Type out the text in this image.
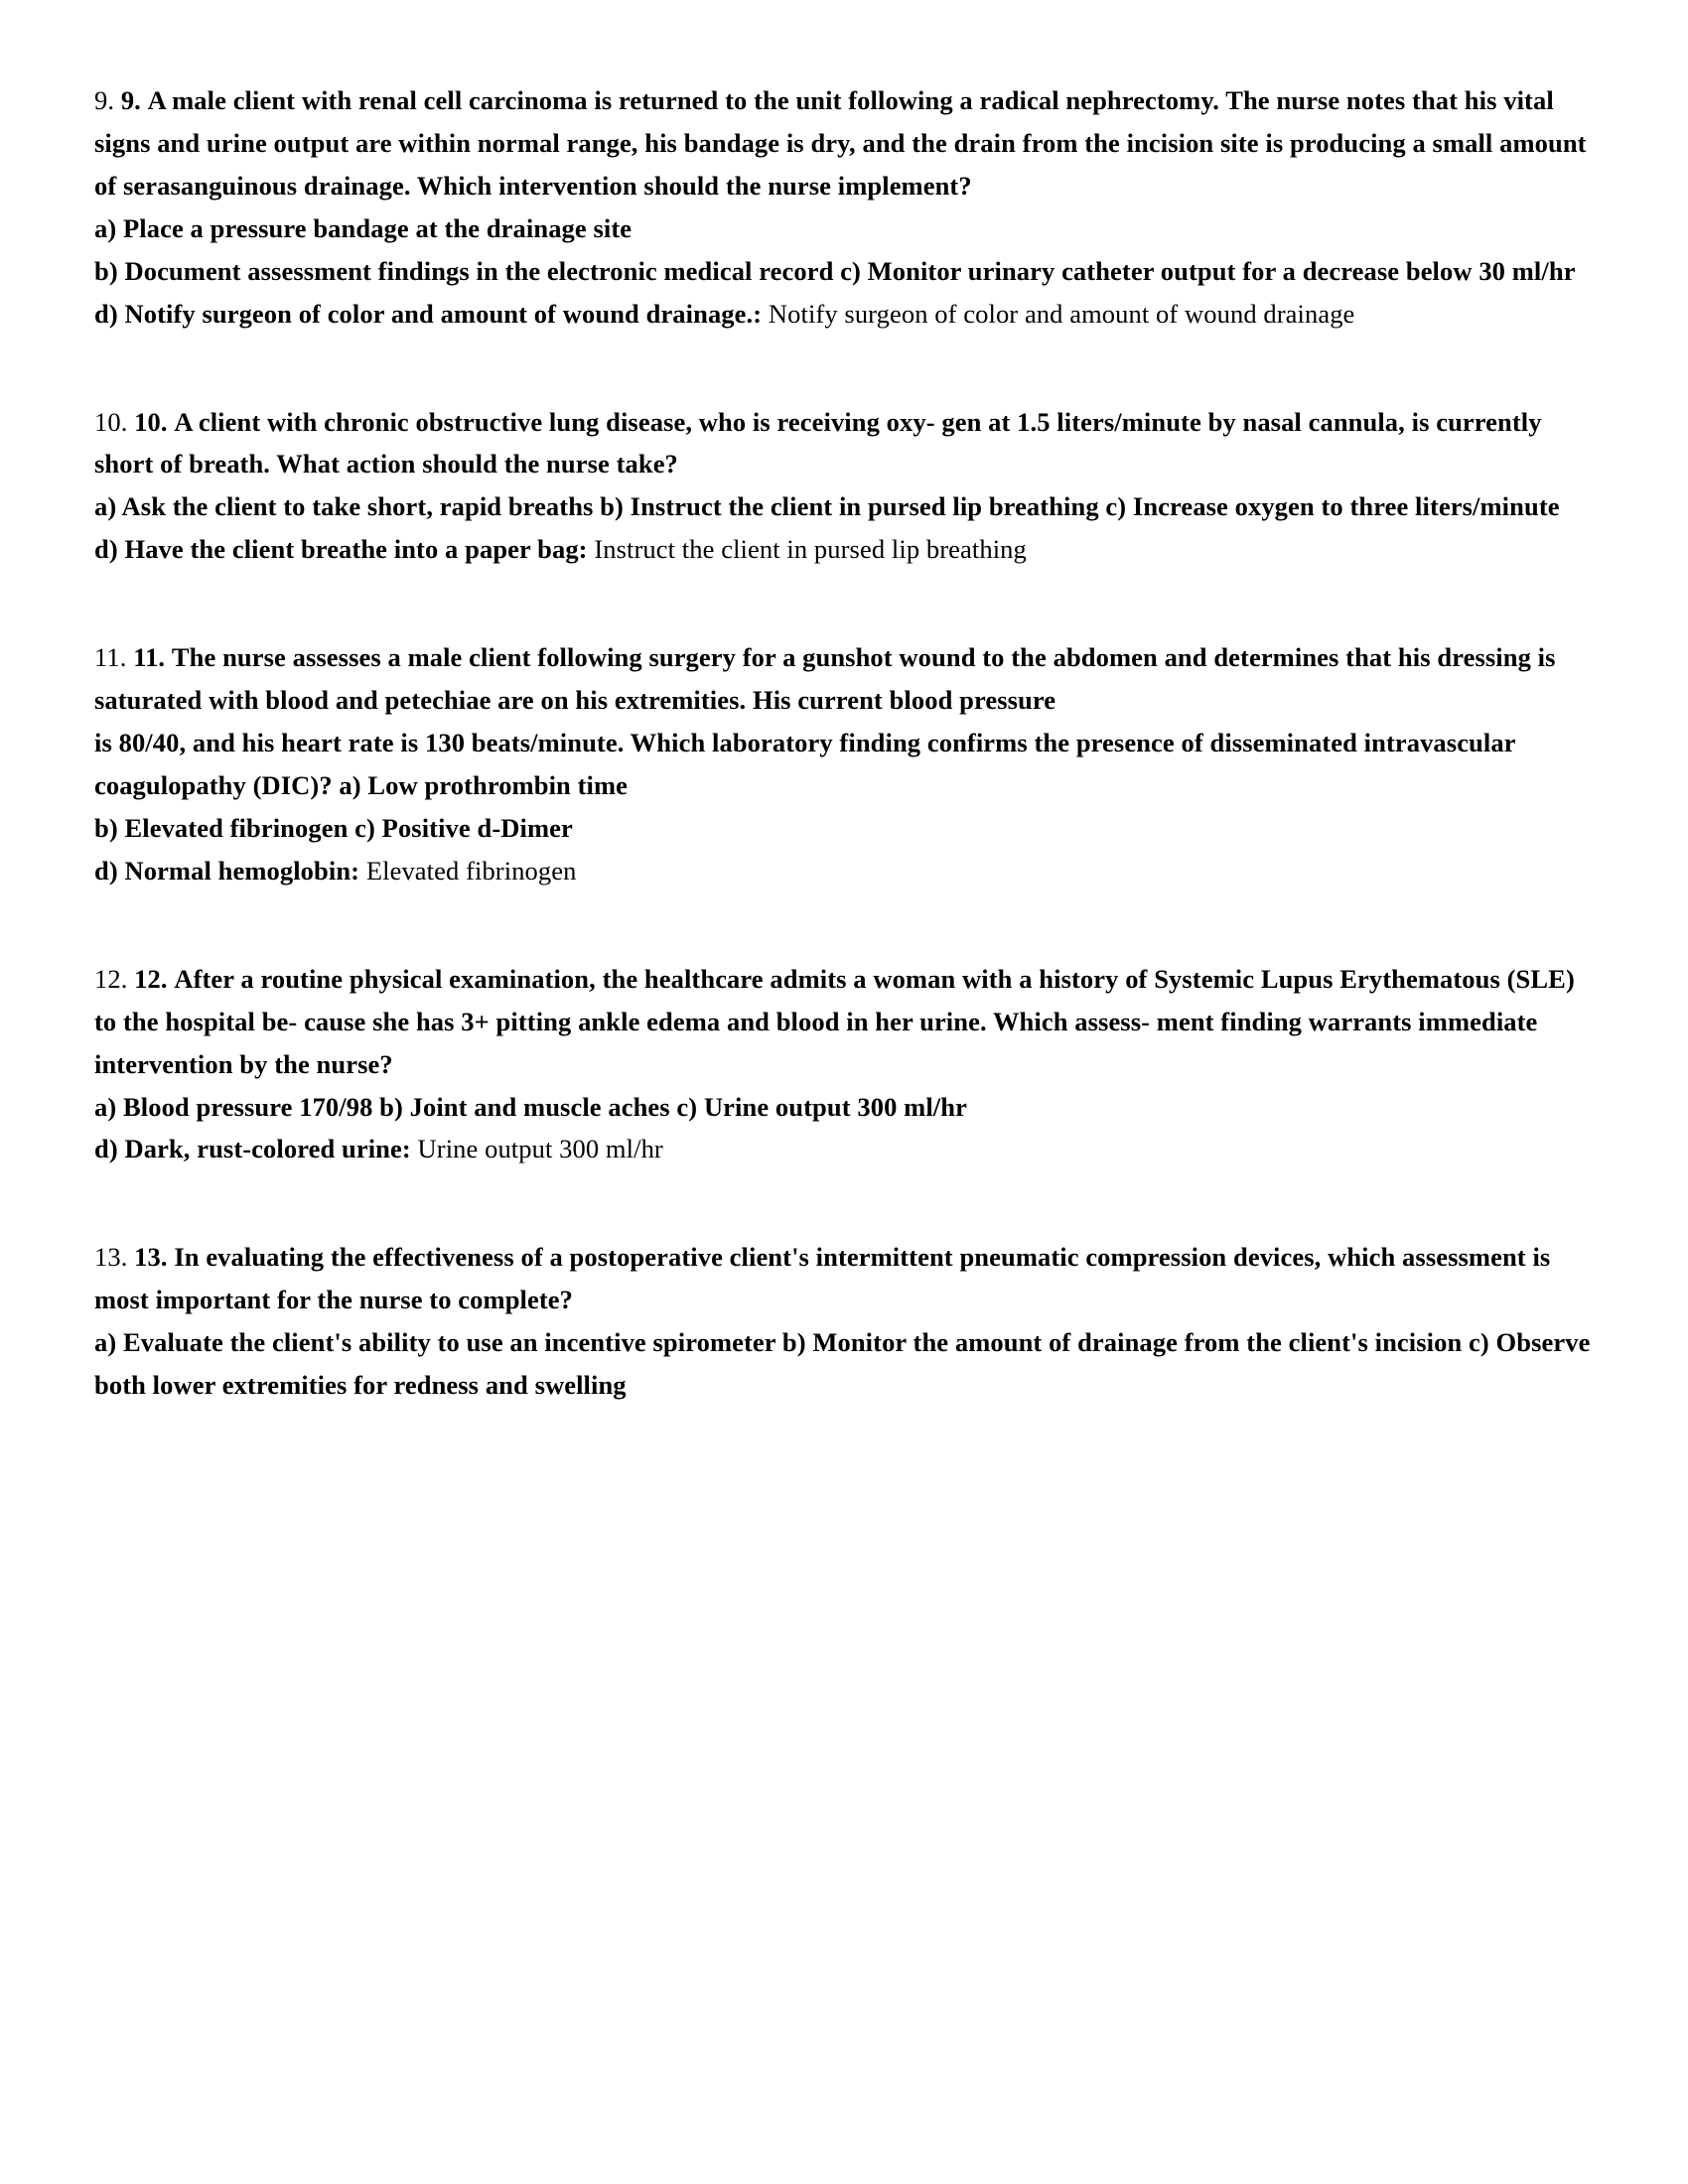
9. 9. A male client with renal cell carcinoma is returned to the unit following a radical nephrectomy. The nurse notes that his vital signs and urine output are within normal range, his bandage is dry, and the drain from the incision site is producing a small amount of serasanguinous drainage. Which intervention should the nurse implement?
a) Place a pressure bandage at the drainage site
b) Document assessment findings in the electronic medical record c) Monitor urinary catheter output for a decrease below 30 ml/hr
d) Notify surgeon of color and amount of wound drainage.: Notify surgeon of color and amount of wound drainage
10. 10. A client with chronic obstructive lung disease, who is receiving oxy- gen at 1.5 liters/minute by nasal cannula, is currently short of breath. What action should the nurse take?
a) Ask the client to take short, rapid breaths b) Instruct the client in pursed lip breathing c) Increase oxygen to three liters/minute
d) Have the client breathe into a paper bag: Instruct the client in pursed lip breathing
11. 11. The nurse assesses a male client following surgery for a gunshot wound to the abdomen and determines that his dressing is saturated with blood and petechiae are on his extremities. His current blood pressure
is 80/40, and his heart rate is 130 beats/minute. Which laboratory finding confirms the presence of disseminated intravascular coagulopathy (DIC)? a) Low prothrombin time
b) Elevated fibrinogen c) Positive d-Dimer
d) Normal hemoglobin: Elevated fibrinogen
12. 12. After a routine physical examination, the healthcare admits a woman with a history of Systemic Lupus Erythematous (SLE) to the hospital be- cause she has 3+ pitting ankle edema and blood in her urine. Which assess- ment finding warrants immediate intervention by the nurse?
a) Blood pressure 170/98 b) Joint and muscle aches c) Urine output 300 ml/hr
d) Dark, rust-colored urine: Urine output 300 ml/hr
13. 13. In evaluating the effectiveness of a postoperative client's intermittent pneumatic compression devices, which assessment is most important for the nurse to complete?
a) Evaluate the client's ability to use an incentive spirometer b) Monitor the amount of drainage from the client's incision c) Observe both lower extremities for redness and swelling
